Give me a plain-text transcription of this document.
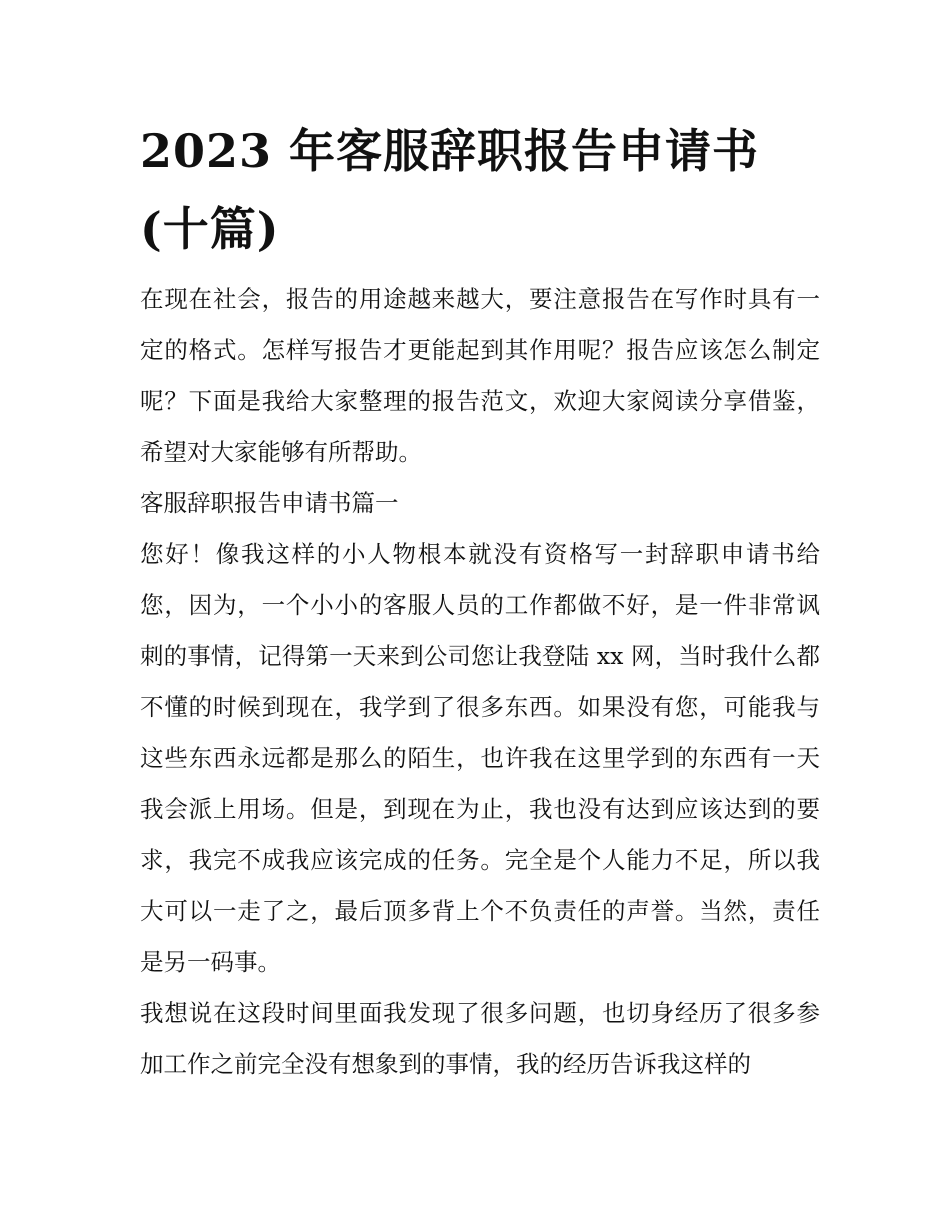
2023 年客服辞职报告申请书
(十篇)

在现在社会，报告的用途越来越大，要注意报告在写作时具有一定的格式。怎样写报告才更能起到其作用呢？报告应该怎么制定呢？下面是我给大家整理的报告范文，欢迎大家阅读分享借鉴，希望对大家能够有所帮助。

客服辞职报告申请书篇一

您好！像我这样的小人物根本就没有资格写一封辞职申请书给您，因为，一个小小的客服人员的工作都做不好，是一件非常讽刺的事情，记得第一天来到公司您让我登陆 xx 网，当时我什么都不懂的时候到现在，我学到了很多东西。如果没有您，可能我与这些东西永远都是那么的陌生，也许我在这里学到的东西有一天我会派上用场。但是，到现在为止，我也没有达到应该达到的要求，我完不成我应该完成的任务。完全是个人能力不足，所以我大可以一走了之，最后顶多背上个不负责任的声誉。当然，责任是另一码事。

我想说在这段时间里面我发现了很多问题，也切身经历了很多参加工作之前完全没有想象到的事情，我的经历告诉我这样的
